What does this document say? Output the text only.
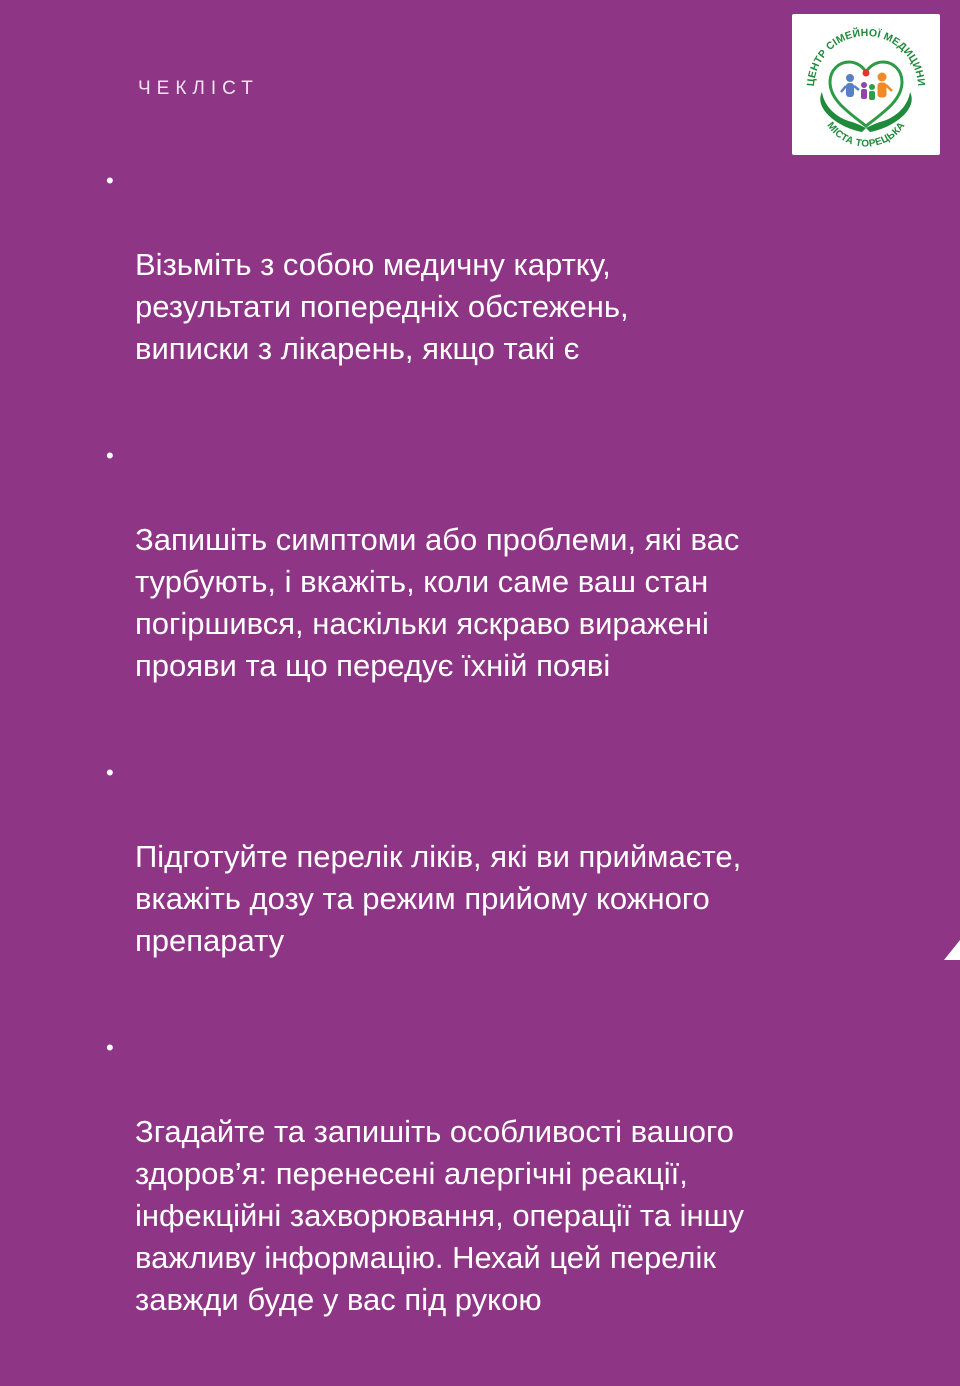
ЧЕКЛІСТ	ЦЕНТР СІМЕЙНОЇ МЕДИЦИНИ
МІСТА ТОРЕЦЬКА

•

Візьміть з собою медичну картку,
результати попередніх обстежень,
виписки з лікарень, якщо такі є

•

Запишіть симптоми або проблеми, які вас
турбують, і вкажіть, коли саме ваш стан
погіршився, наскільки яскраво виражені
прояви та що передує їхній появі

•

Підготуйте перелік ліків, які ви приймаєте,
вкажіть дозу та режим прийому кожного
препарату

•

Згадайте та запишіть особливості вашого
здоров’я: перенесені алергічні реакції,
інфекційні захворювання, операції та іншу
важливу інформацію. Нехай цей перелік
завжди буде у вас під рукою
